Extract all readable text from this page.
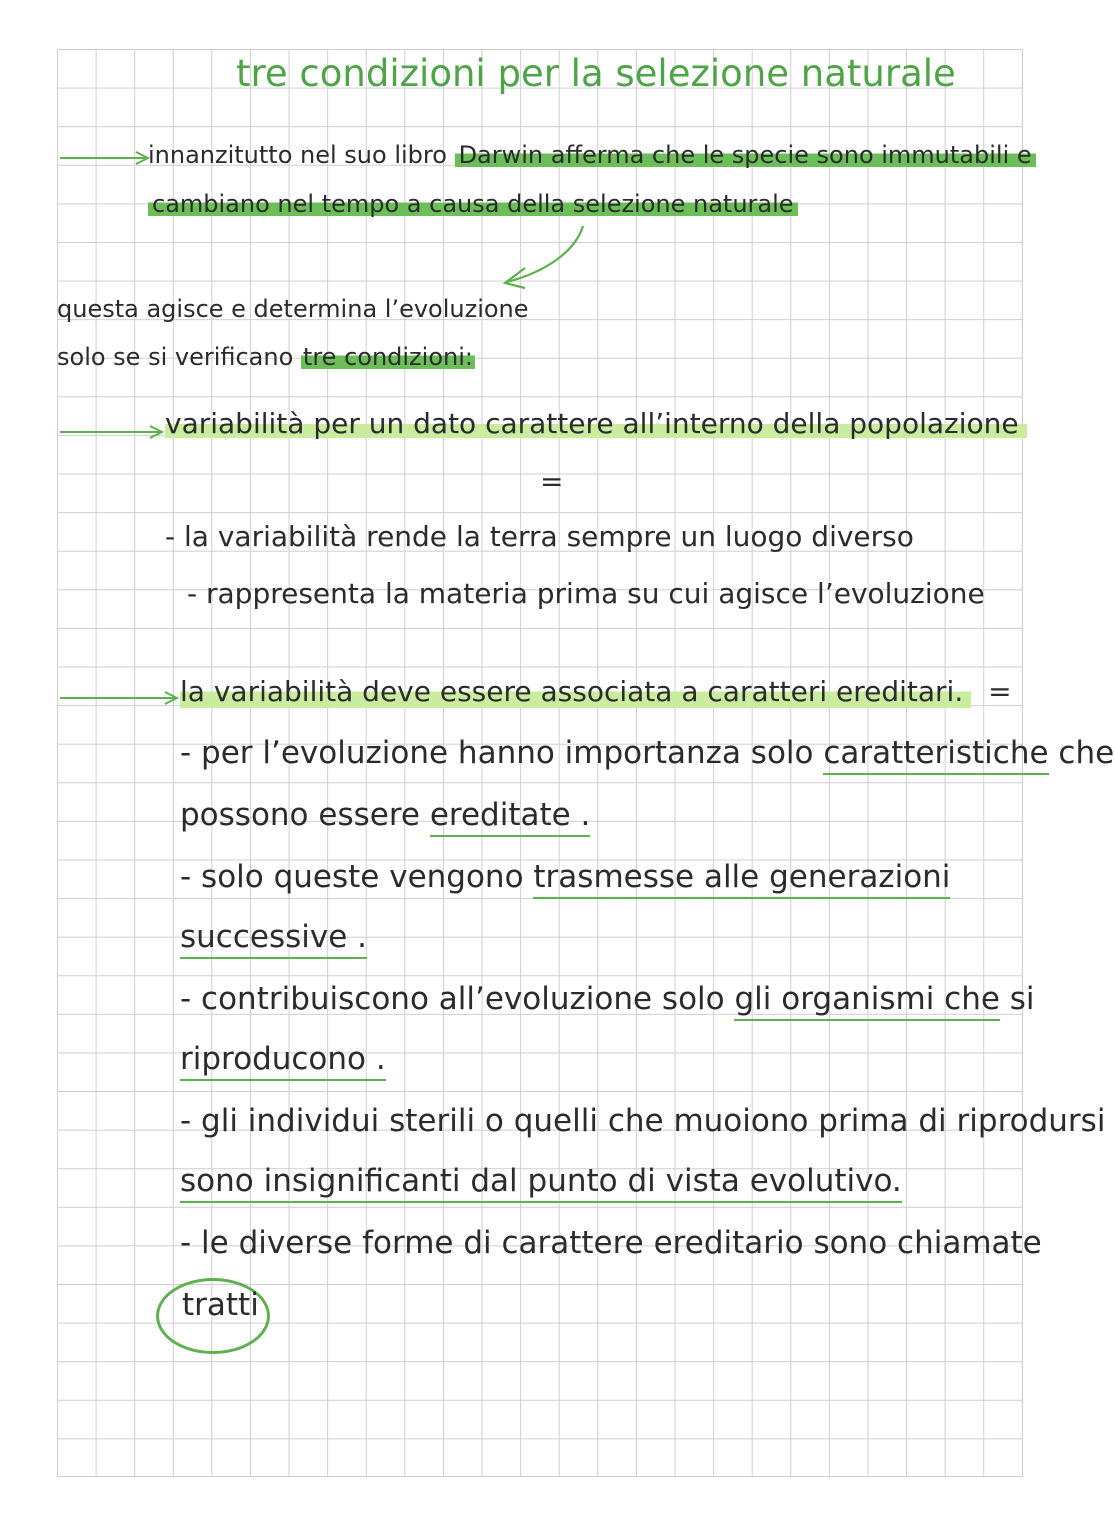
tre condizioni per la selezione naturale
innanzitutto nel suo libro Darwin afferma che le specie sono immutabili e
cambiano nel tempo a causa della selezione naturale
questa agisce e determina l’evoluzione
solo se si verificano tre condizioni:
variabilità per un dato carattere all’interno della popolazione
=
- la variabilità rende la terra sempre un luogo diverso
- rappresenta la materia prima su cui agisce l’evoluzione
la variabilità deve essere associata a caratteri ereditari. =
- per l’evoluzione hanno importanza solo caratteristiche che
possono essere ereditate .
- solo queste vengono trasmesse alle generazioni
successive .
- contribuiscono all’evoluzione solo gli organismi che si
riproducono .
- gli individui sterili o quelli che muoiono prima di riprodursi
sono insignificanti dal punto di vista evolutivo.
- le diverse forme di carattere ereditario sono chiamate
tratti
